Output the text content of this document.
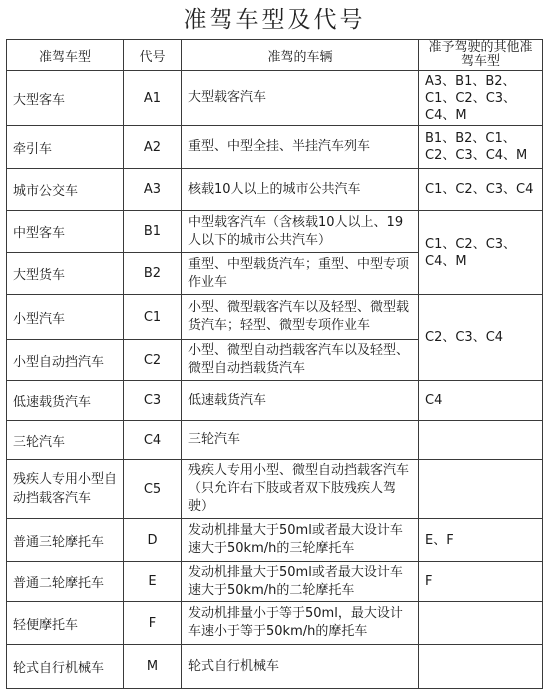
准驾车型及代号
准驾车型	代号	准驾的车辆	准予驾驶的其他准驾车型
大型客车	A1	大型载客汽车	A3、B1、B2、C1、C2、C3、C4、M
牵引车	A2	重型、中型全挂、半挂汽车列车	B1、B2、C1、C2、C3、C4、M
城市公交车	A3	核载10人以上的城市公共汽车	C1、C2、C3、C4
中型客车	B1	中型载客汽车（含核载10人以上、19人以下的城市公共汽车）	C1、C2、C3、C4、M
大型货车	B2	重型、中型载货汽车；重型、中型专项作业车	
小型汽车	C1	小型、微型载客汽车以及轻型、微型载货汽车；轻型、微型专项作业车	C2、C3、C4
小型自动挡汽车	C2	小型、微型自动挡载客汽车以及轻型、微型自动挡载货汽车	
低速载货汽车	C3	低速载货汽车	C4
三轮汽车	C4	三轮汽车	
残疾人专用小型自动挡载客汽车	C5	残疾人专用小型、微型自动挡载客汽车（只允许右下肢或者双下肢残疾人驾驶）	
普通三轮摩托车	D	发动机排量大于50ml或者最大设计车速大于50km/h的三轮摩托车	E、F
普通二轮摩托车	E	发动机排量大于50ml或者最大设计车速大于50km/h的二轮摩托车	F
轻便摩托车	F	发动机排量小于等于50ml，最大设计车速小于等于50km/h的摩托车	
轮式自行机械车	M	轮式自行机械车	
